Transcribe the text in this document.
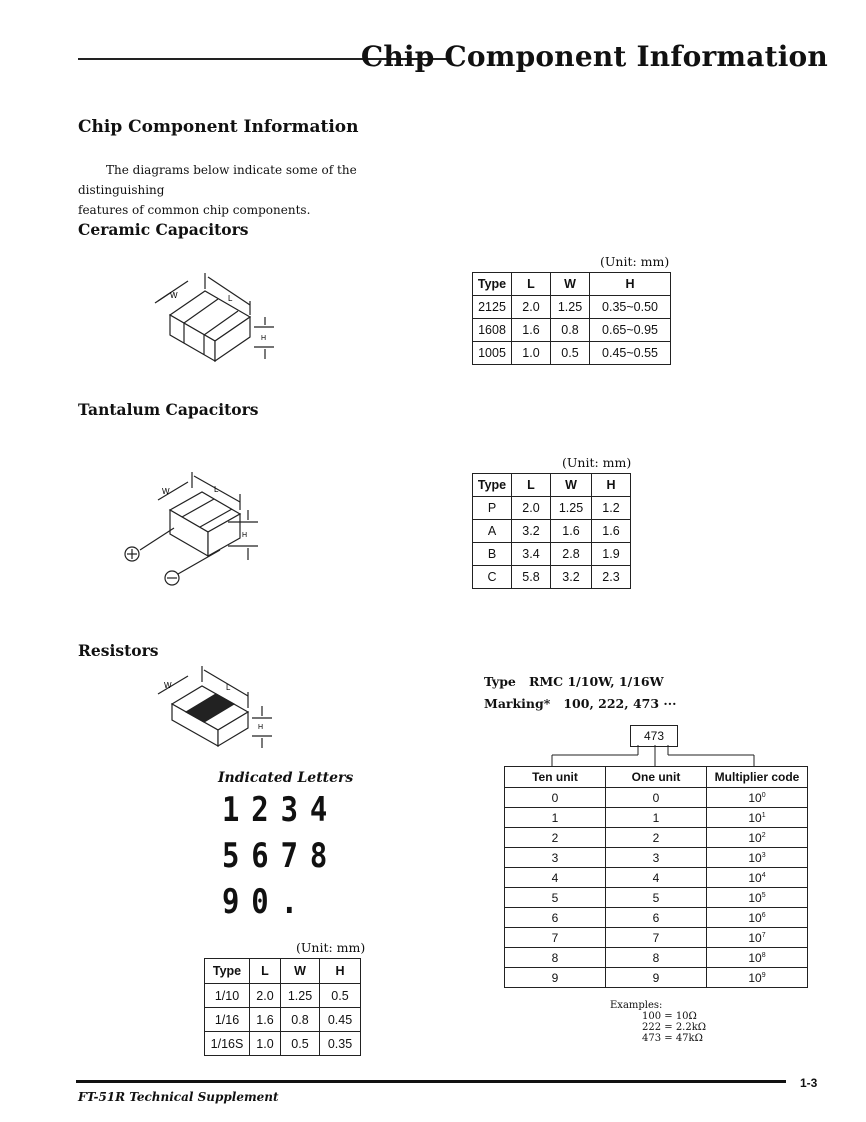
Chip Component Information
Chip Component Information
The diagrams below indicate some of the distinguishing
features of common chip components.
Ceramic Capacitors
W	L
H
(Unit: mm)
Type	L	W	H
2125	2.0	1.25	0.35~0.50
1608	1.6	0.8	0.65~0.95
1005	1.0	0.5	0.45~0.55
Tantalum Capacitors
W	L
H
(Unit: mm)
Type	L	W	H
P	2.0	1.25	1.2
A	3.2	1.6	1.6
B	3.4	2.8	1.9
C	5.8	3.2	2.3
Resistors
W	L
H
Indicated Letters
1234
5678
90.
(Unit: mm)
Type	L	W	H
1/10	2.0	1.25	0.5
1/16	1.6	0.8	0.45
1/16S	1.0	0.5	0.35
Type RMC 1/10W, 1/16W
Marking* 100, 222, 473 ···
473
Ten unit	One unit	Multiplier code
0	0	$10^0$
1	1	$10^1$
2	2	$10^2$
3	3	$10^3$
4	4	$10^4$
5	5	$10^5$
6	6	$10^6$
7	7	$10^7$
8	8	$10^8$
9	9	$10^9$
Examples:
100 = 10Ω
222 = 2.2kΩ
473 = 47kΩ
1-3
FT-51R Technical Supplement
